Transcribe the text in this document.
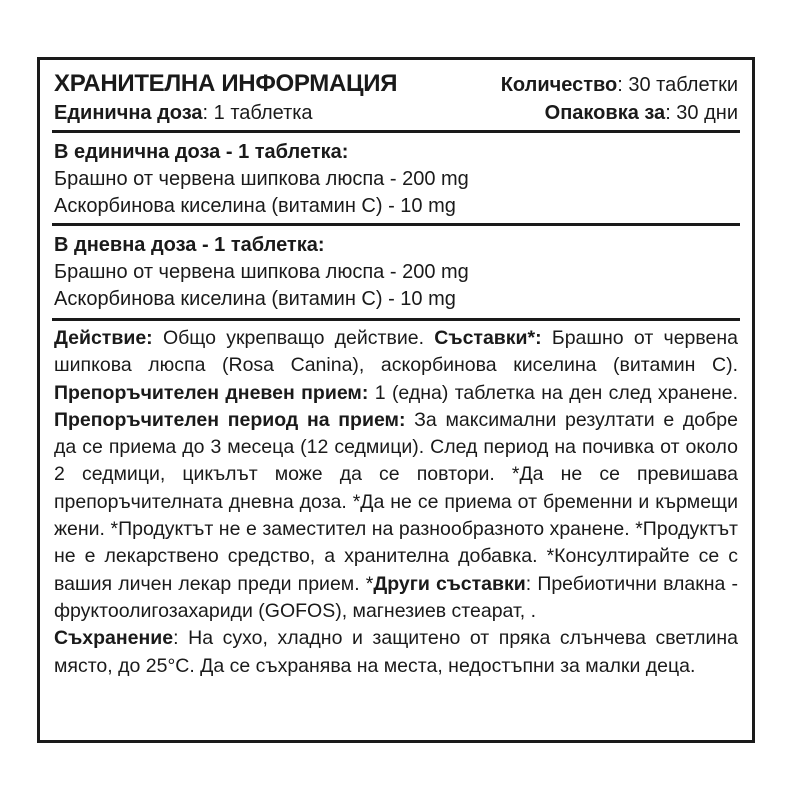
ХРАНИТЕЛНА ИНФОРМАЦИЯ
Единична доза: 1 таблетка
Количество: 30 таблетки
Опаковка за: 30 дни
В единична доза - 1 таблетка:
Брашно от червена шипкова люспа - 200 mg
Аскорбинова киселина (витамин С) - 10 mg
В дневна доза - 1 таблетка:
Брашно от червена шипкова люспа - 200 mg
Аскорбинова киселина (витамин С) - 10 mg
Действие: Общо укрепващо действие. Съставки*: Брашно от червена шипкова люспа (Rosa Canina), аскорбинова киселина (витамин С). Препоръчителен дневен прием: 1 (една) таблетка на ден след хранене. Препоръчителен период на прием: За максимални резултати е добре да се приема до 3 месеца (12 седмици). След период на почивка от около 2 седмици, цикълът може да се повтори. *Да не се превишава препоръчителната дневна доза. *Да не се приема от бременни и кърмещи жени. *Продуктът не е заместител на разнообразното хранене. *Продуктът не е лекарствено средство, а хранителна добавка. *Консултирайте се с вашия личен лекар преди прием. *Други съставки: Пребиотични влакна - фруктоолигозахариди (GOFOS), магнезиев стеарат, .
Съхранение: На сухо, хладно и защитено от пряка слънчева светлина място, до 25°С. Да се съхранява на места, недостъпни за малки деца.
